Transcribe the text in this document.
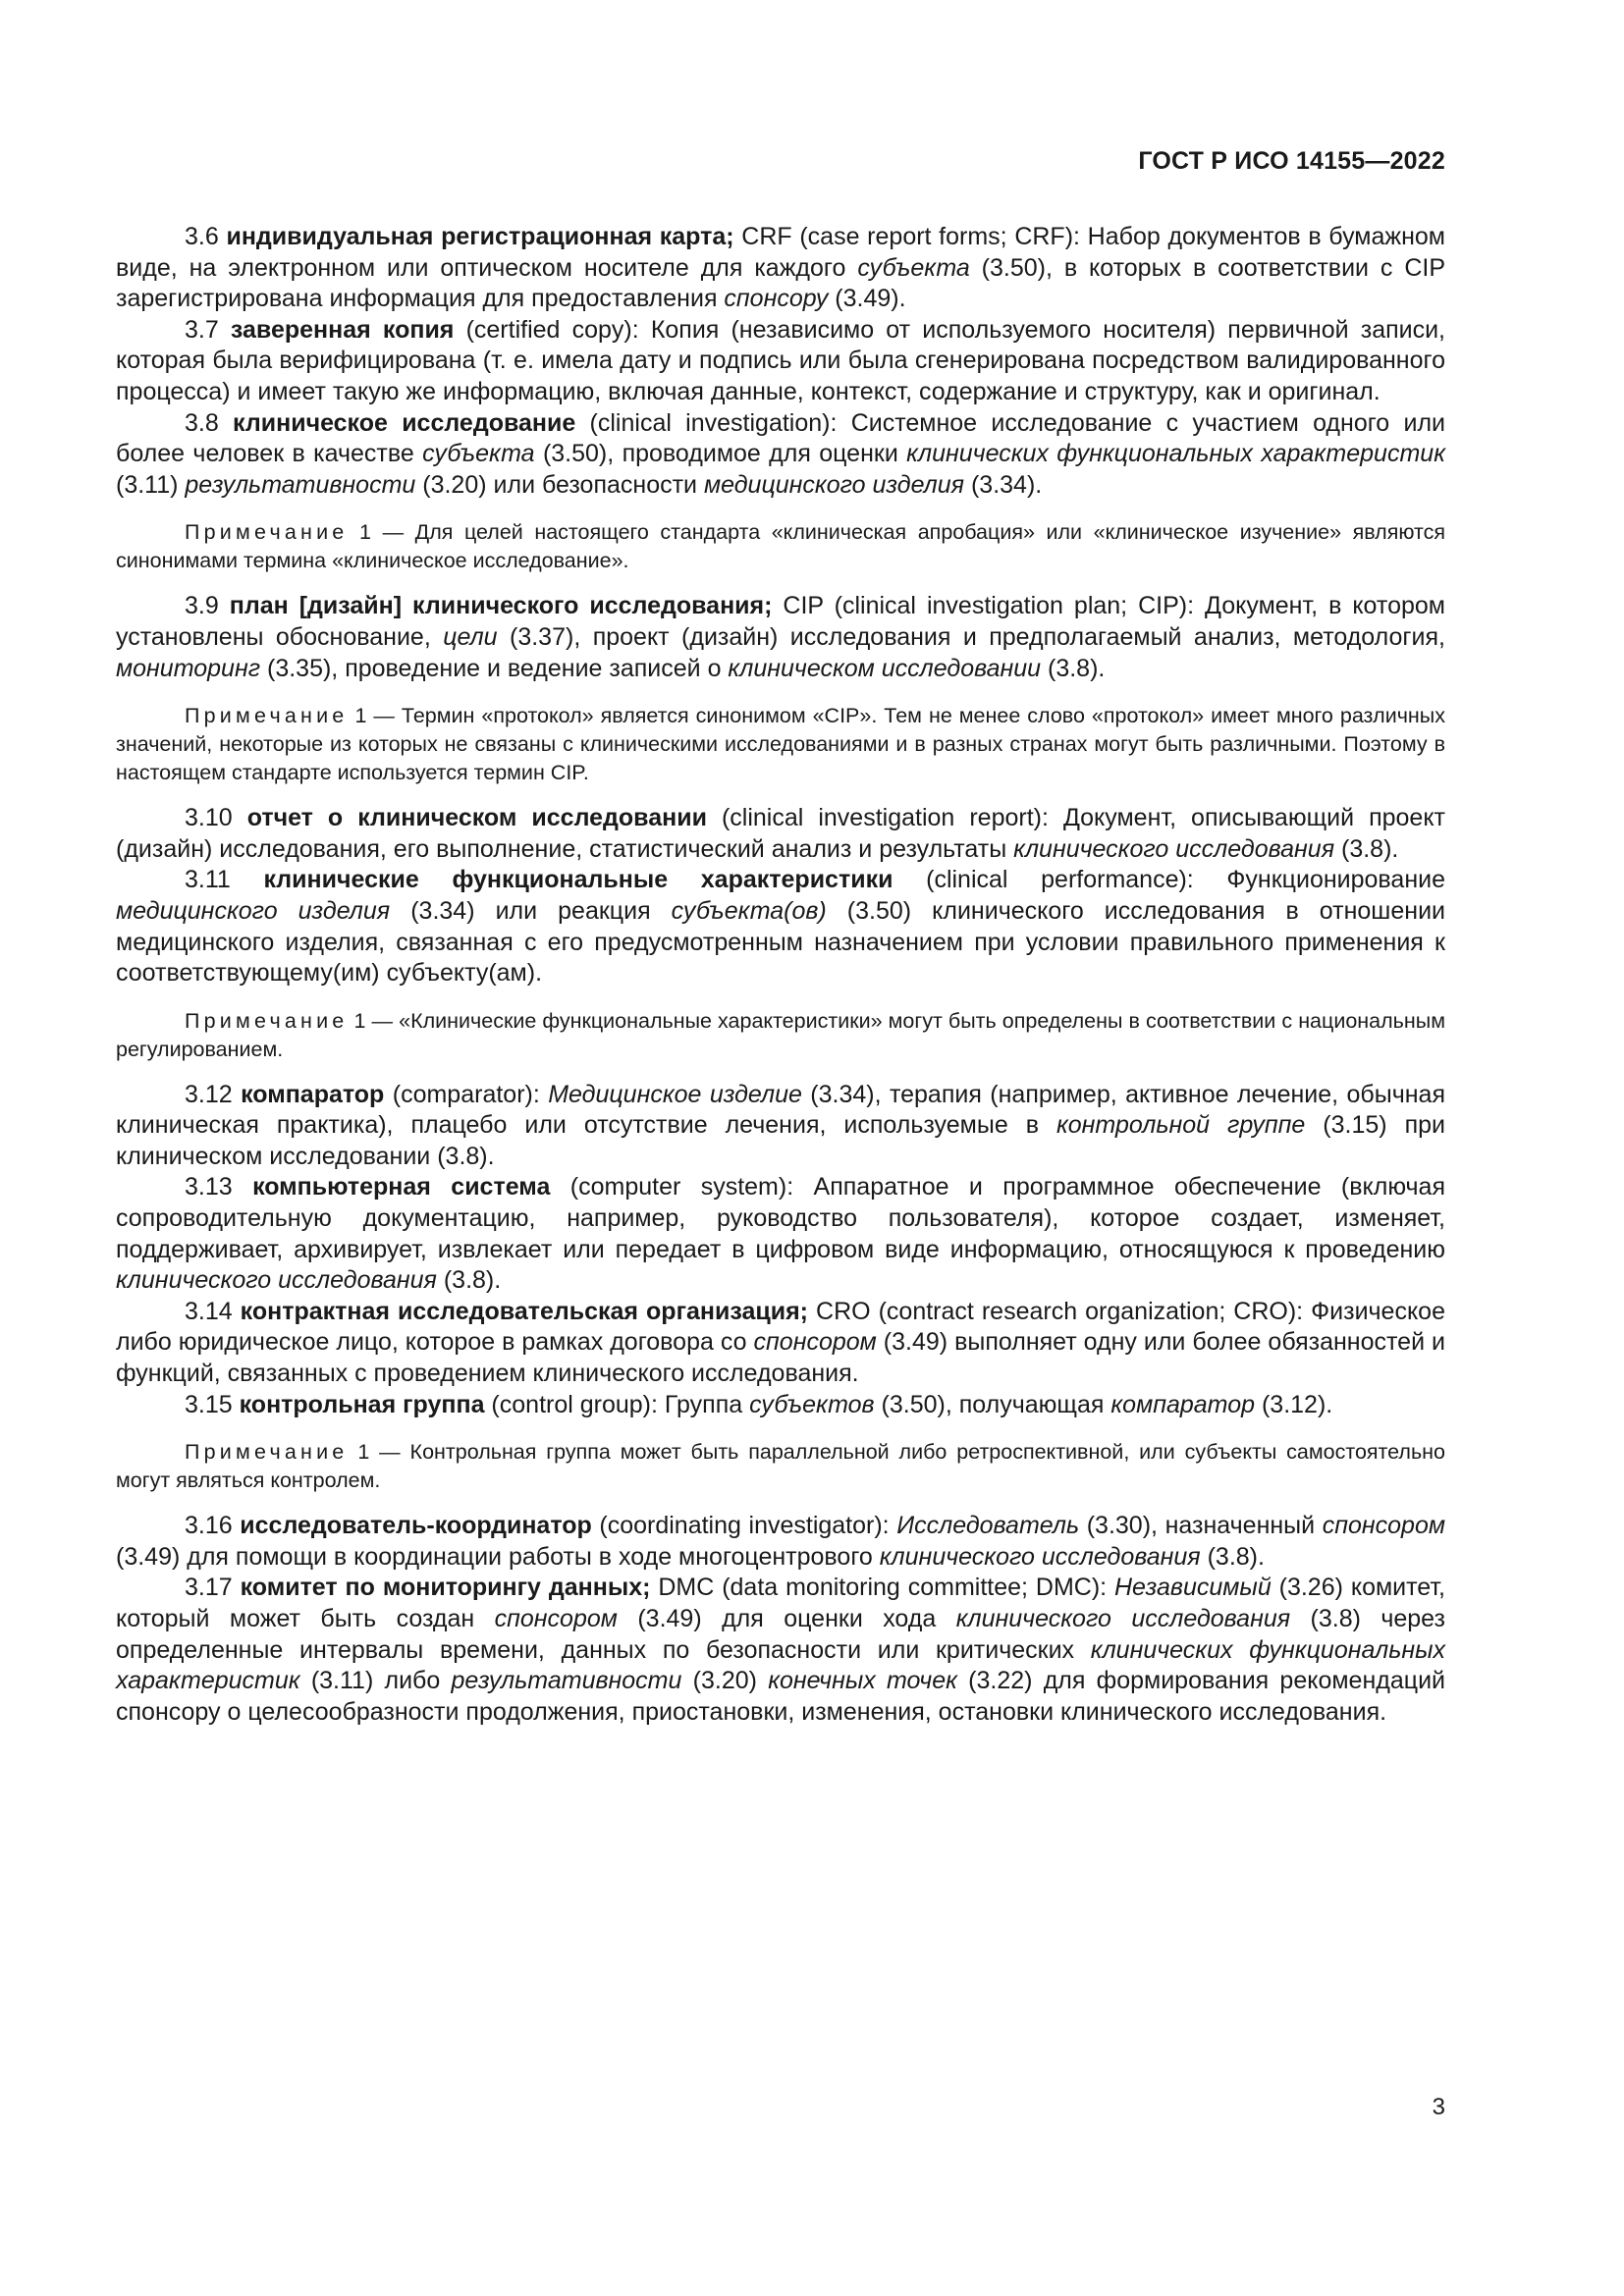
ГОСТ Р ИСО 14155—2022

3.6 индивидуальная регистрационная карта; CRF (case report forms; CRF): Набор документов в бумажном виде, на электронном или оптическом носителе для каждого субъекта (3.50), в которых в соответствии с CIP зарегистрирована информация для предоставления спонсору (3.49).

3.7 заверенная копия (certified copy): Копия (независимо от используемого носителя) первичной записи, которая была верифицирована (т. е. имела дату и подпись или была сгенерирована посредством валидированного процесса) и имеет такую же информацию, включая данные, контекст, содержание и структуру, как и оригинал.

3.8 клиническое исследование (clinical investigation): Системное исследование с участием одного или более человек в качестве субъекта (3.50), проводимое для оценки клинических функциональных характеристик (3.11) результативности (3.20) или безопасности медицинского изделия (3.34).

Примечание 1 — Для целей настоящего стандарта «клиническая апробация» или «клиническое изучение» являются синонимами термина «клиническое исследование».

3.9 план [дизайн] клинического исследования; CIP (clinical investigation plan; CIP): Документ, в котором установлены обоснование, цели (3.37), проект (дизайн) исследования и предполагаемый анализ, методология, мониторинг (3.35), проведение и ведение записей о клиническом исследовании (3.8).

Примечание 1 — Термин «протокол» является синонимом «CIP». Тем не менее слово «протокол» имеет много различных значений, некоторые из которых не связаны с клиническими исследованиями и в разных странах могут быть различными. Поэтому в настоящем стандарте используется термин CIP.

3.10 отчет о клиническом исследовании (clinical investigation report): Документ, описывающий проект (дизайн) исследования, его выполнение, статистический анализ и результаты клинического исследования (3.8).

3.11 клинические функциональные характеристики (clinical performance): Функционирование медицинского изделия (3.34) или реакция субъекта(ов) (3.50) клинического исследования в отношении медицинского изделия, связанная с его предусмотренным назначением при условии правильного применения к соответствующему(им) субъекту(ам).

Примечание 1 — «Клинические функциональные характеристики» могут быть определены в соответствии с национальным регулированием.

3.12 компаратор (comparator): Медицинское изделие (3.34), терапия (например, активное лечение, обычная клиническая практика), плацебо или отсутствие лечения, используемые в контрольной группе (3.15) при клиническом исследовании (3.8).

3.13 компьютерная система (computer system): Аппаратное и программное обеспечение (включая сопроводительную документацию, например, руководство пользователя), которое создает, изменяет, поддерживает, архивирует, извлекает или передает в цифровом виде информацию, относящуюся к проведению клинического исследования (3.8).

3.14 контрактная исследовательская организация; CRO (contract research organization; CRO): Физическое либо юридическое лицо, которое в рамках договора со спонсором (3.49) выполняет одну или более обязанностей и функций, связанных с проведением клинического исследования.

3.15 контрольная группа (control group): Группа субъектов (3.50), получающая компаратор (3.12).

Примечание 1 — Контрольная группа может быть параллельной либо ретроспективной, или субъекты самостоятельно могут являться контролем.

3.16 исследователь-координатор (coordinating investigator): Исследователь (3.30), назначенный спонсором (3.49) для помощи в координации работы в ходе многоцентрового клинического исследования (3.8).

3.17 комитет по мониторингу данных; DMC (data monitoring committee; DMC): Независимый (3.26) комитет, который может быть создан спонсором (3.49) для оценки хода клинического исследования (3.8) через определенные интервалы времени, данных по безопасности или критических клинических функциональных характеристик (3.11) либо результативности (3.20) конечных точек (3.22) для формирования рекомендаций спонсору о целесообразности продолжения, приостановки, изменения, остановки клинического исследования.

3
